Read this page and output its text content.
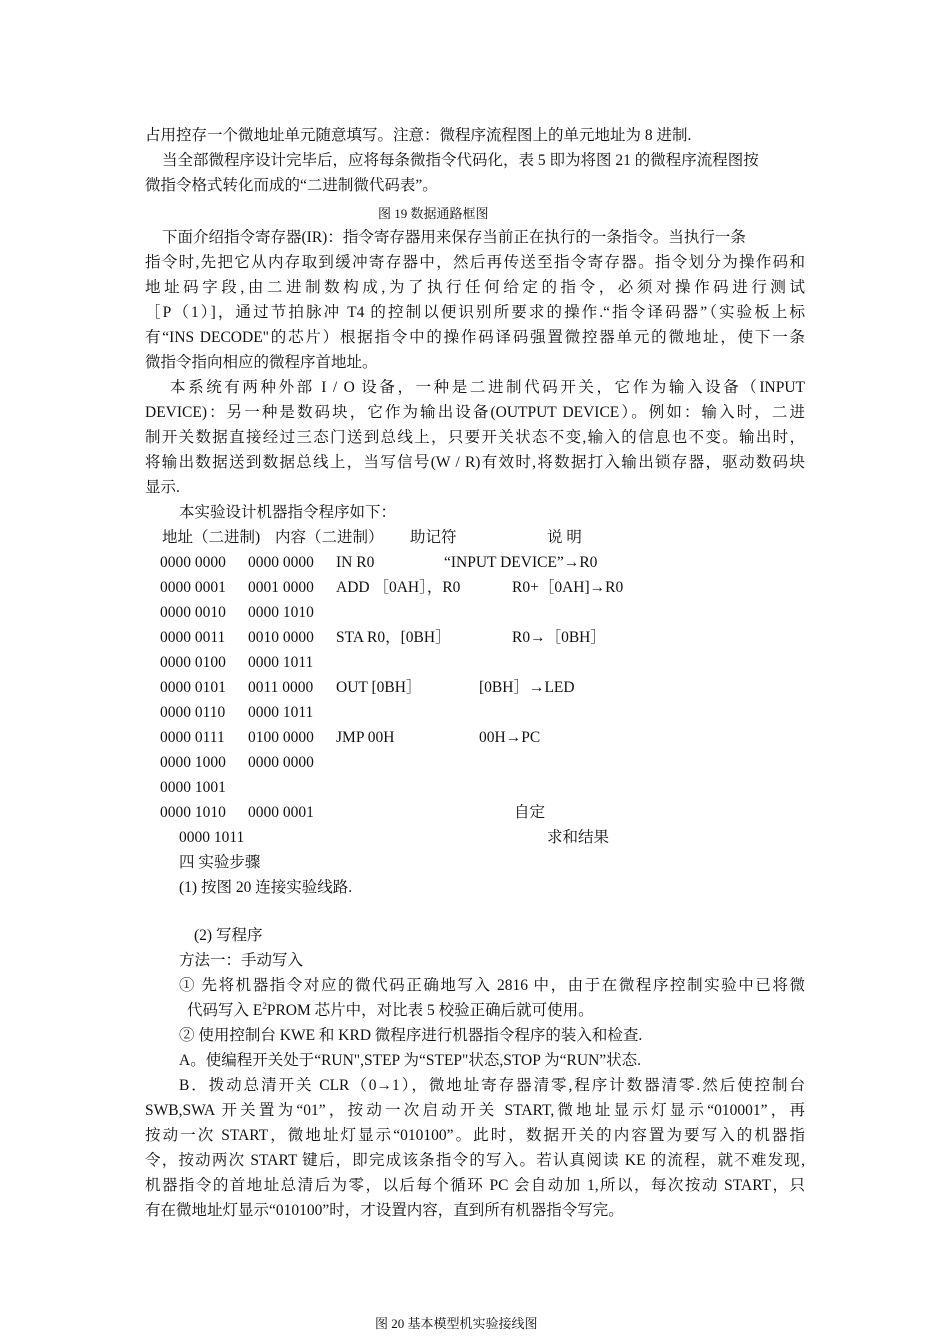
占用控存一个微地址单元随意填写。注意：微程序流程图上的单元地址为 8 进制.
当全部微程序设计完毕后，应将每条微指令代码化，表 5 即为将图 21 的微程序流程图按
微指令格式转化而成的“二进制微代码表”。
图 19 数据通路框图
下面介绍指令寄存器(IR)：指令寄存器用来保存当前正在执行的一条指令。当执行一条
指令时,先把它从内存取到缓冲寄存器中，然后再传送至指令寄存器。指令划分为操作码和
地址码字段,由二进制数构成,为了执行任何给定的指令，必须对操作码进行测试
［P（1）]，通过节拍脉冲 T4 的控制以便识别所要求的操作.“指令译码器”（实验板上标
有“INS DECODE"的芯片）根据指令中的操作码译码强置微控器单元的微地址，使下一条
微指令指向相应的微程序首地址。
本系统有两种外部 I / O 设备，一种是二进制代码开关，它作为输入设备（INPUT
DEVICE)：另一种是数码块，它作为输出设备(OUTPUT DEVICE）。例如：输入时，二进
制开关数据直接经过三态门送到总线上，只要开关状态不变,输入的信息也不变。输出时，
将输出数据送到数据总线上，当写信号(W / R)有效时,将数据打入输出锁存器，驱动数码块
显示.
本实验设计机器指令程序如下：
地址（二进制) 内容（二进制） 助记符	说 明
0000 0000 0000 0000 IN R0	“INPUT DEVICE”→R0
0000 0001 0001 0000 ADD ［0AH］，R0	R0+［0AH]→R0
0000 0010 0000 1010
0000 0011 0010 0000 STA R0，[0BH］	R0→［0BH］
0000 0100 0000 1011
0000 0101 0011 0000 OUT [0BH］	[0BH］→LED
0000 0110 0000 1011
0000 0111 0100 0000 JMP 00H	00H→PC
0000 1000 0000 0000
0000 1001
0000 1010 0000 0001	自定
0000 1011	求和结果
四 实验步骤
(1) 按图 20 连接实验线路.
(2) 写程序
方法一：手动写入
① 先将机器指令对应的微代码正确地写入 2816 中，由于在微程序控制实验中已将微
代码写入 $E^2PROM$ 芯片中，对比表 5 校验正确后就可使用。
② 使用控制台 KWE 和 KRD 微程序进行机器指令程序的装入和检查.
A。使编程开关处于“RUN",STEP 为“STEP"状态,STOP 为“RUN”状态.
B．拨动总清开关 CLR（0→1），微地址寄存器清零,程序计数器清零.然后使控制台
SWB,SWA 开关置为“01”，按动一次启动开关 START,微地址显示灯显示“010001”，再
按动一次 START，微地址灯显示“010100”。此时，数据开关的内容置为要写入的机器指
令，按动两次 START 键后，即完成该条指令的写入。若认真阅读 KE 的流程，就不难发现,
机器指令的首地址总清后为零，以后每个循环 PC 会自动加 1,所以，每次按动 START，只
有在微地址灯显示“010100”时，才设置内容，直到所有机器指令写完。
图 20 基本模型机实验接线图
